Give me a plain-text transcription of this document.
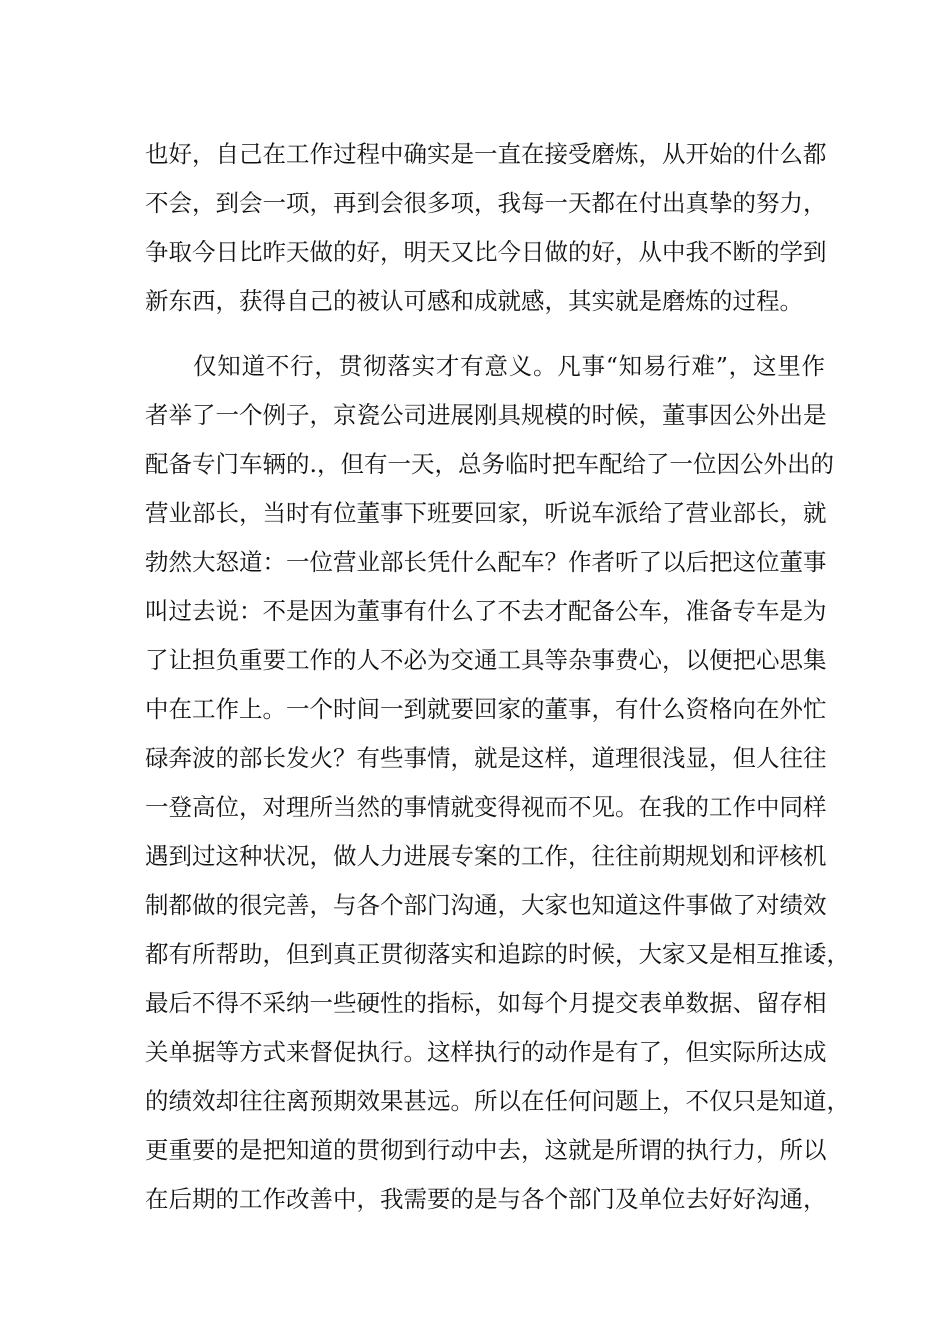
也好，自己在工作过程中确实是一直在接受磨炼，从开始的什么都
不会，到会一项，再到会很多项，我每一天都在付出真挚的努力，
争取今日比昨天做的好，明天又比今日做的好，从中我不断的学到
新东西，获得自己的被认可感和成就感，其实就是磨炼的过程。
仅知道不行，贯彻落实才有意义。凡事“知易行难”，这里作
者举了一个例子，京瓷公司进展刚具规模的时候，董事因公外出是
配备专门车辆的.，但有一天，总务临时把车配给了一位因公外出的
营业部长，当时有位董事下班要回家，听说车派给了营业部长，就
勃然大怒道：一位营业部长凭什么配车？作者听了以后把这位董事
叫过去说：不是因为董事有什么了不去才配备公车，准备专车是为
了让担负重要工作的人不必为交通工具等杂事费心，以便把心思集
中在工作上。一个时间一到就要回家的董事，有什么资格向在外忙
碌奔波的部长发火？有些事情，就是这样，道理很浅显，但人往往
一登高位，对理所当然的事情就变得视而不见。在我的工作中同样
遇到过这种状况，做人力进展专案的工作，往往前期规划和评核机
制都做的很完善，与各个部门沟通，大家也知道这件事做了对绩效
都有所帮助，但到真正贯彻落实和追踪的时候，大家又是相互推诿，
最后不得不采纳一些硬性的指标，如每个月提交表单数据、留存相
关单据等方式来督促执行。这样执行的动作是有了，但实际所达成
的绩效却往往离预期效果甚远。所以在任何问题上，不仅只是知道，
更重要的是把知道的贯彻到行动中去，这就是所谓的执行力，所以
在后期的工作改善中，我需要的是与各个部门及单位去好好沟通，
